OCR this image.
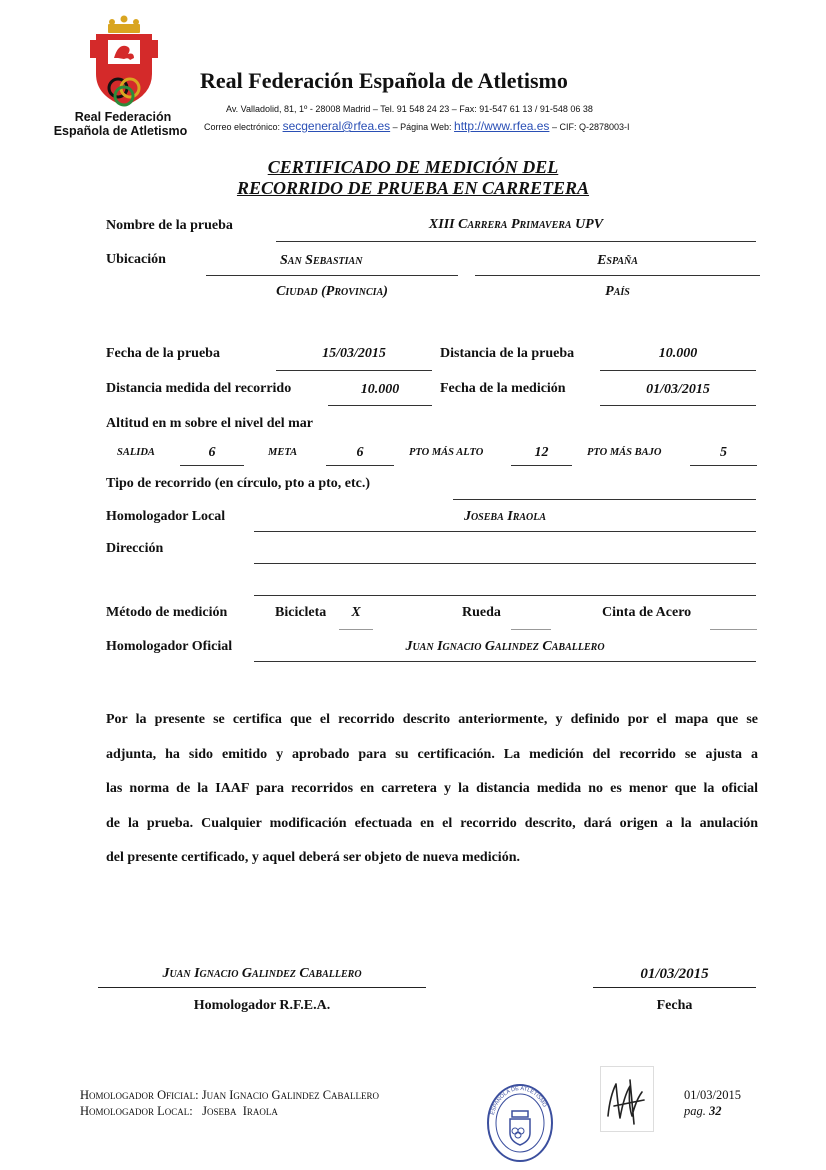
Real Federación
Española de Atletismo
Real Federación Española de Atletismo
Av. Valladolid, 81, 1º - 28008 Madrid – Tel. 91 548 24 23 – Fax: 91-547 61 13 / 91-548 06 38
Correo electrónico: secgeneral@rfea.es – Página Web: http://www.rfea.es – CIF: Q-2878003-I
CERTIFICADO DE MEDICIÓN DEL
RECORRIDO DE PRUEBA EN CARRETERA
Nombre de la prueba	XIII Carrera Primavera UPV
Ubicación	San Sebastian	España
Ciudad (Provincia)	País
Fecha de la prueba	15/03/2015	Distancia de la prueba	10.000
Distancia medida del recorrido	10.000	Fecha de la medición	01/03/2015
Altitud en m sobre el nivel del mar
SALIDA	6	META	6	PTO MÁS ALTO	12	PTO MÁS BAJO	5
Tipo de recorrido (en círculo, pto a pto, etc.)
Homologador Local	Joseba Iraola
Dirección
Método de medición	Bicicleta	X	Rueda	Cinta de Acero
Homologador Oficial	Juan Ignacio Galindez Caballero

Por la presente se certifica que el recorrido descrito anteriormente, y definido por el mapa que se

adjunta, ha sido emitido y aprobado para su certificación. La medición del recorrido se ajusta a

las norma de la IAAF para recorridos en carretera y la distancia medida no es menor que la oficial

de la prueba. Cualquier modificación efectuada en el recorrido descrito, dará origen a la anulación

del presente certificado, y aquel deberá ser objeto de nueva medición.

Juan Ignacio Galindez Caballero
Homologador R.F.E.A.
01/03/2015
Fecha
Homologador Oficial: Juan Ignacio Galindez Caballero
Homologador Local:   Joseba  Iraola	ESPAÑOLA DE ATLETISMO
01/03/2015
pag. 32
